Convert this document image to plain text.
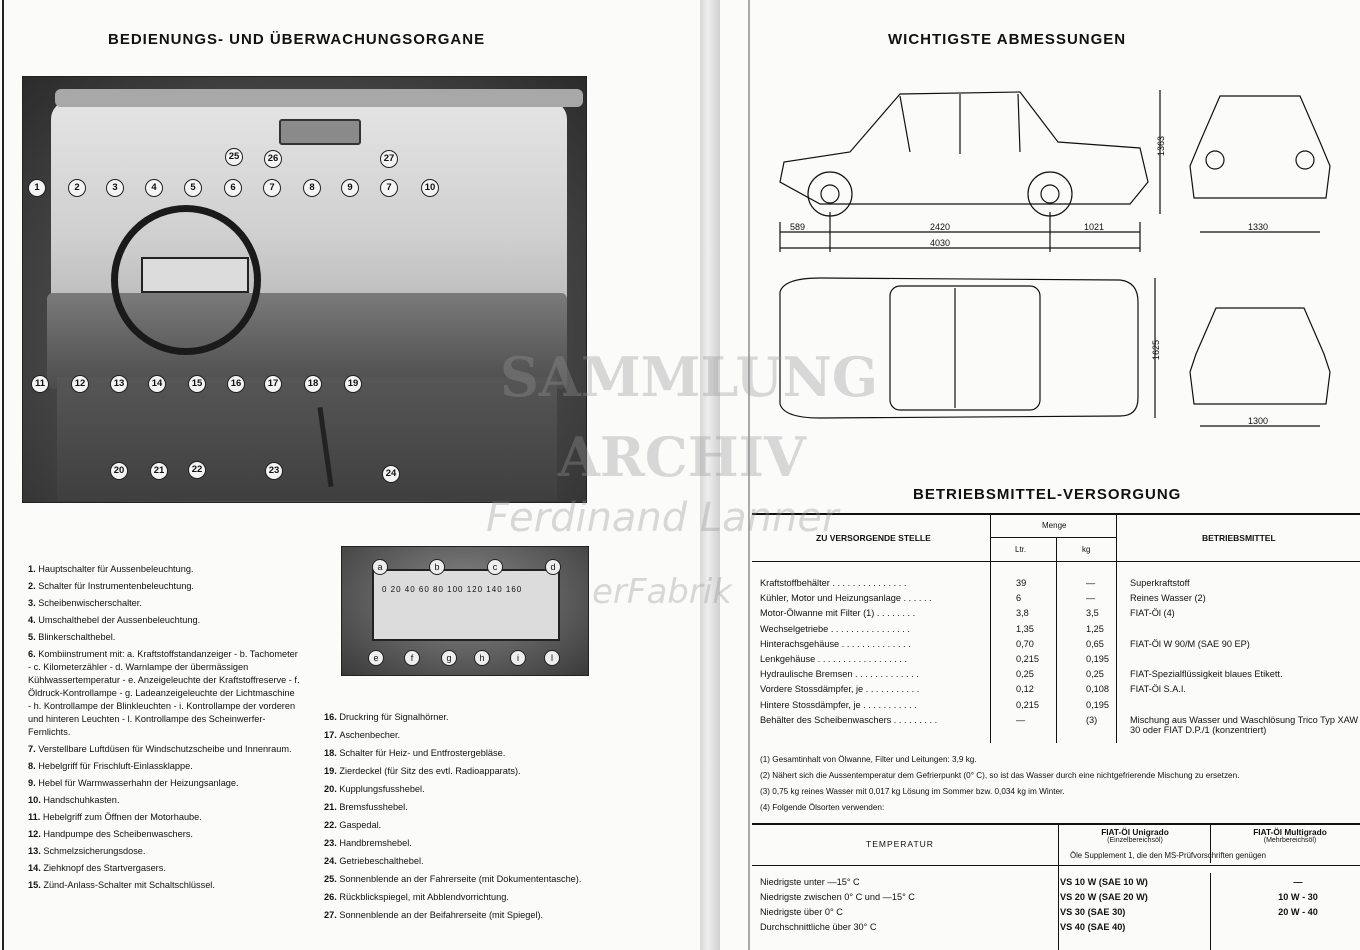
BEDIENUNGS- UND ÜBERWACHUNGSORGANE
1	2	3	4	5	6	7	8	9	7	10
25	26	27
11	12	13	14	15	16	17	18	19
20	21	22	23	24
0 20 40 60 80 100 120 140 160
a	b	c	d
e	f	g	h	i	l
1. Hauptschalter für Aussenbeleuchtung.
2. Schalter für Instrumentenbeleuchtung.
3. Scheibenwischerschalter.
4. Umschalthebel der Aussenbeleuchtung.
5. Blinkerschalthebel.
6. Kombiinstrument mit: a. Kraftstoffstandanzeiger - b. Tachometer - c. Kilometerzähler - d. Warnlampe der übermässigen Kühlwassertemperatur - e. Anzeigeleuchte der Kraftstoffreserve - f. Öldruck-Kontrollampe - g. Ladeanzeigeleuchte der Lichtmaschine - h. Kontrollampe der Blinkleuchten - i. Kontrollampe der vorderen und hinteren Leuchten - l. Kontrollampe des Scheinwerfer-Fernlichts.
7. Verstellbare Luftdüsen für Windschutzscheibe und Innenraum.
8. Hebelgriff für Frischluft-Einlassklappe.
9. Hebel für Warmwasserhahn der Heizungsanlage.
10. Handschuhkasten.
11. Hebelgriff zum Öffnen der Motorhaube.
12. Handpumpe des Scheibenwaschers.
13. Schmelzsicherungsdose.
14. Ziehknopf des Startvergasers.
15. Zünd-Anlass-Schalter mit Schaltschlüssel.
16. Druckring für Signalhörner.
17. Aschenbecher.
18. Schalter für Heiz- und Entfrostergebläse.
19. Zierdeckel (für Sitz des evtl. Radioapparats).
20. Kupplungsfusshebel.
21. Bremsfusshebel.
22. Gaspedal.
23. Handbremshebel.
24. Getriebeschalthebel.
25. Sonnenblende an der Fahrerseite (mit Dokumententasche).
26. Rückblickspiegel, mit Abblendvorrichtung.
27. Sonnenblende an der Beifahrerseite (mit Spiegel).
WICHTIGSTE ABMESSUNGEN
589	2420	1021
4030
1363
1330
1625
1300
BETRIEBSMITTEL-VERSORGUNG
ZU VERSORGENDE STELLE
Menge
Ltr.	kg
BETRIEBSMITTEL
Kraftstoffbehälter . . . . . . . . . . . . . . .	39	—	Superkraftstoff
Kühler, Motor und Heizungsanlage . . . . . .	6	—	Reines Wasser (2)
Motor-Ölwanne mit Filter (1) . . . . . . . .	3,8	3,5	FIAT-Öl (4)
Wechselgetriebe . . . . . . . . . . . . . . . .	1,35	1,25
Hinterachsgehäuse . . . . . . . . . . . . . .	0,70	0,65	FIAT-Öl W 90/M (SAE 90 EP)
Lenkgehäuse . . . . . . . . . . . . . . . . . .	0,215	0,195
Hydraulische Bremsen . . . . . . . . . . . . .	0,25	0,25	FIAT-Spezialflüssigkeit blaues Etikett.
Vordere Stossdämpfer, je . . . . . . . . . . .	0,12	0,108	FIAT-Öl S.A.I.
Hintere Stossdämpfer, je . . . . . . . . . . .	0,215	0,195
Behälter des Scheibenwaschers . . . . . . . . .	—	(3)	Mischung aus Wasser und Waschlösung Trico Typ XAW 30 oder FIAT D.P./1 (konzentriert)
(1) Gesamtinhalt von Ölwanne, Filter und Leitungen: 3,9 kg.
(2) Nähert sich die Aussentemperatur dem Gefrierpunkt (0° C), so ist das Wasser durch eine nichtgefrierende Mischung zu ersetzen.
(3) 0,75 kg reines Wasser mit 0,017 kg Lösung im Sommer bzw. 0,034 kg im Winter.
(4) Folgende Ölsorten verwenden:
TEMPERATUR
FIAT-Öl Unigrado
(Einzelbereichsöl)
FIAT-Öl Multigrado
(Mehrbereichsöl)
Öle Supplement 1, die den MS-Prüfvorschriften genügen
Niedrigste unter —15° C	VS 10 W (SAE 10 W)	—
Niedrigste zwischen 0° C und —15° C	VS 20 W (SAE 20 W)	10 W - 30
Niedrigste über 0° C	VS 30 (SAE 30)	20 W - 40
Durchschnittliche über 30° C	VS 40 (SAE 40)
SAMMLUNG
ARCHIV
Ferdinand Lanner
erFabrik
